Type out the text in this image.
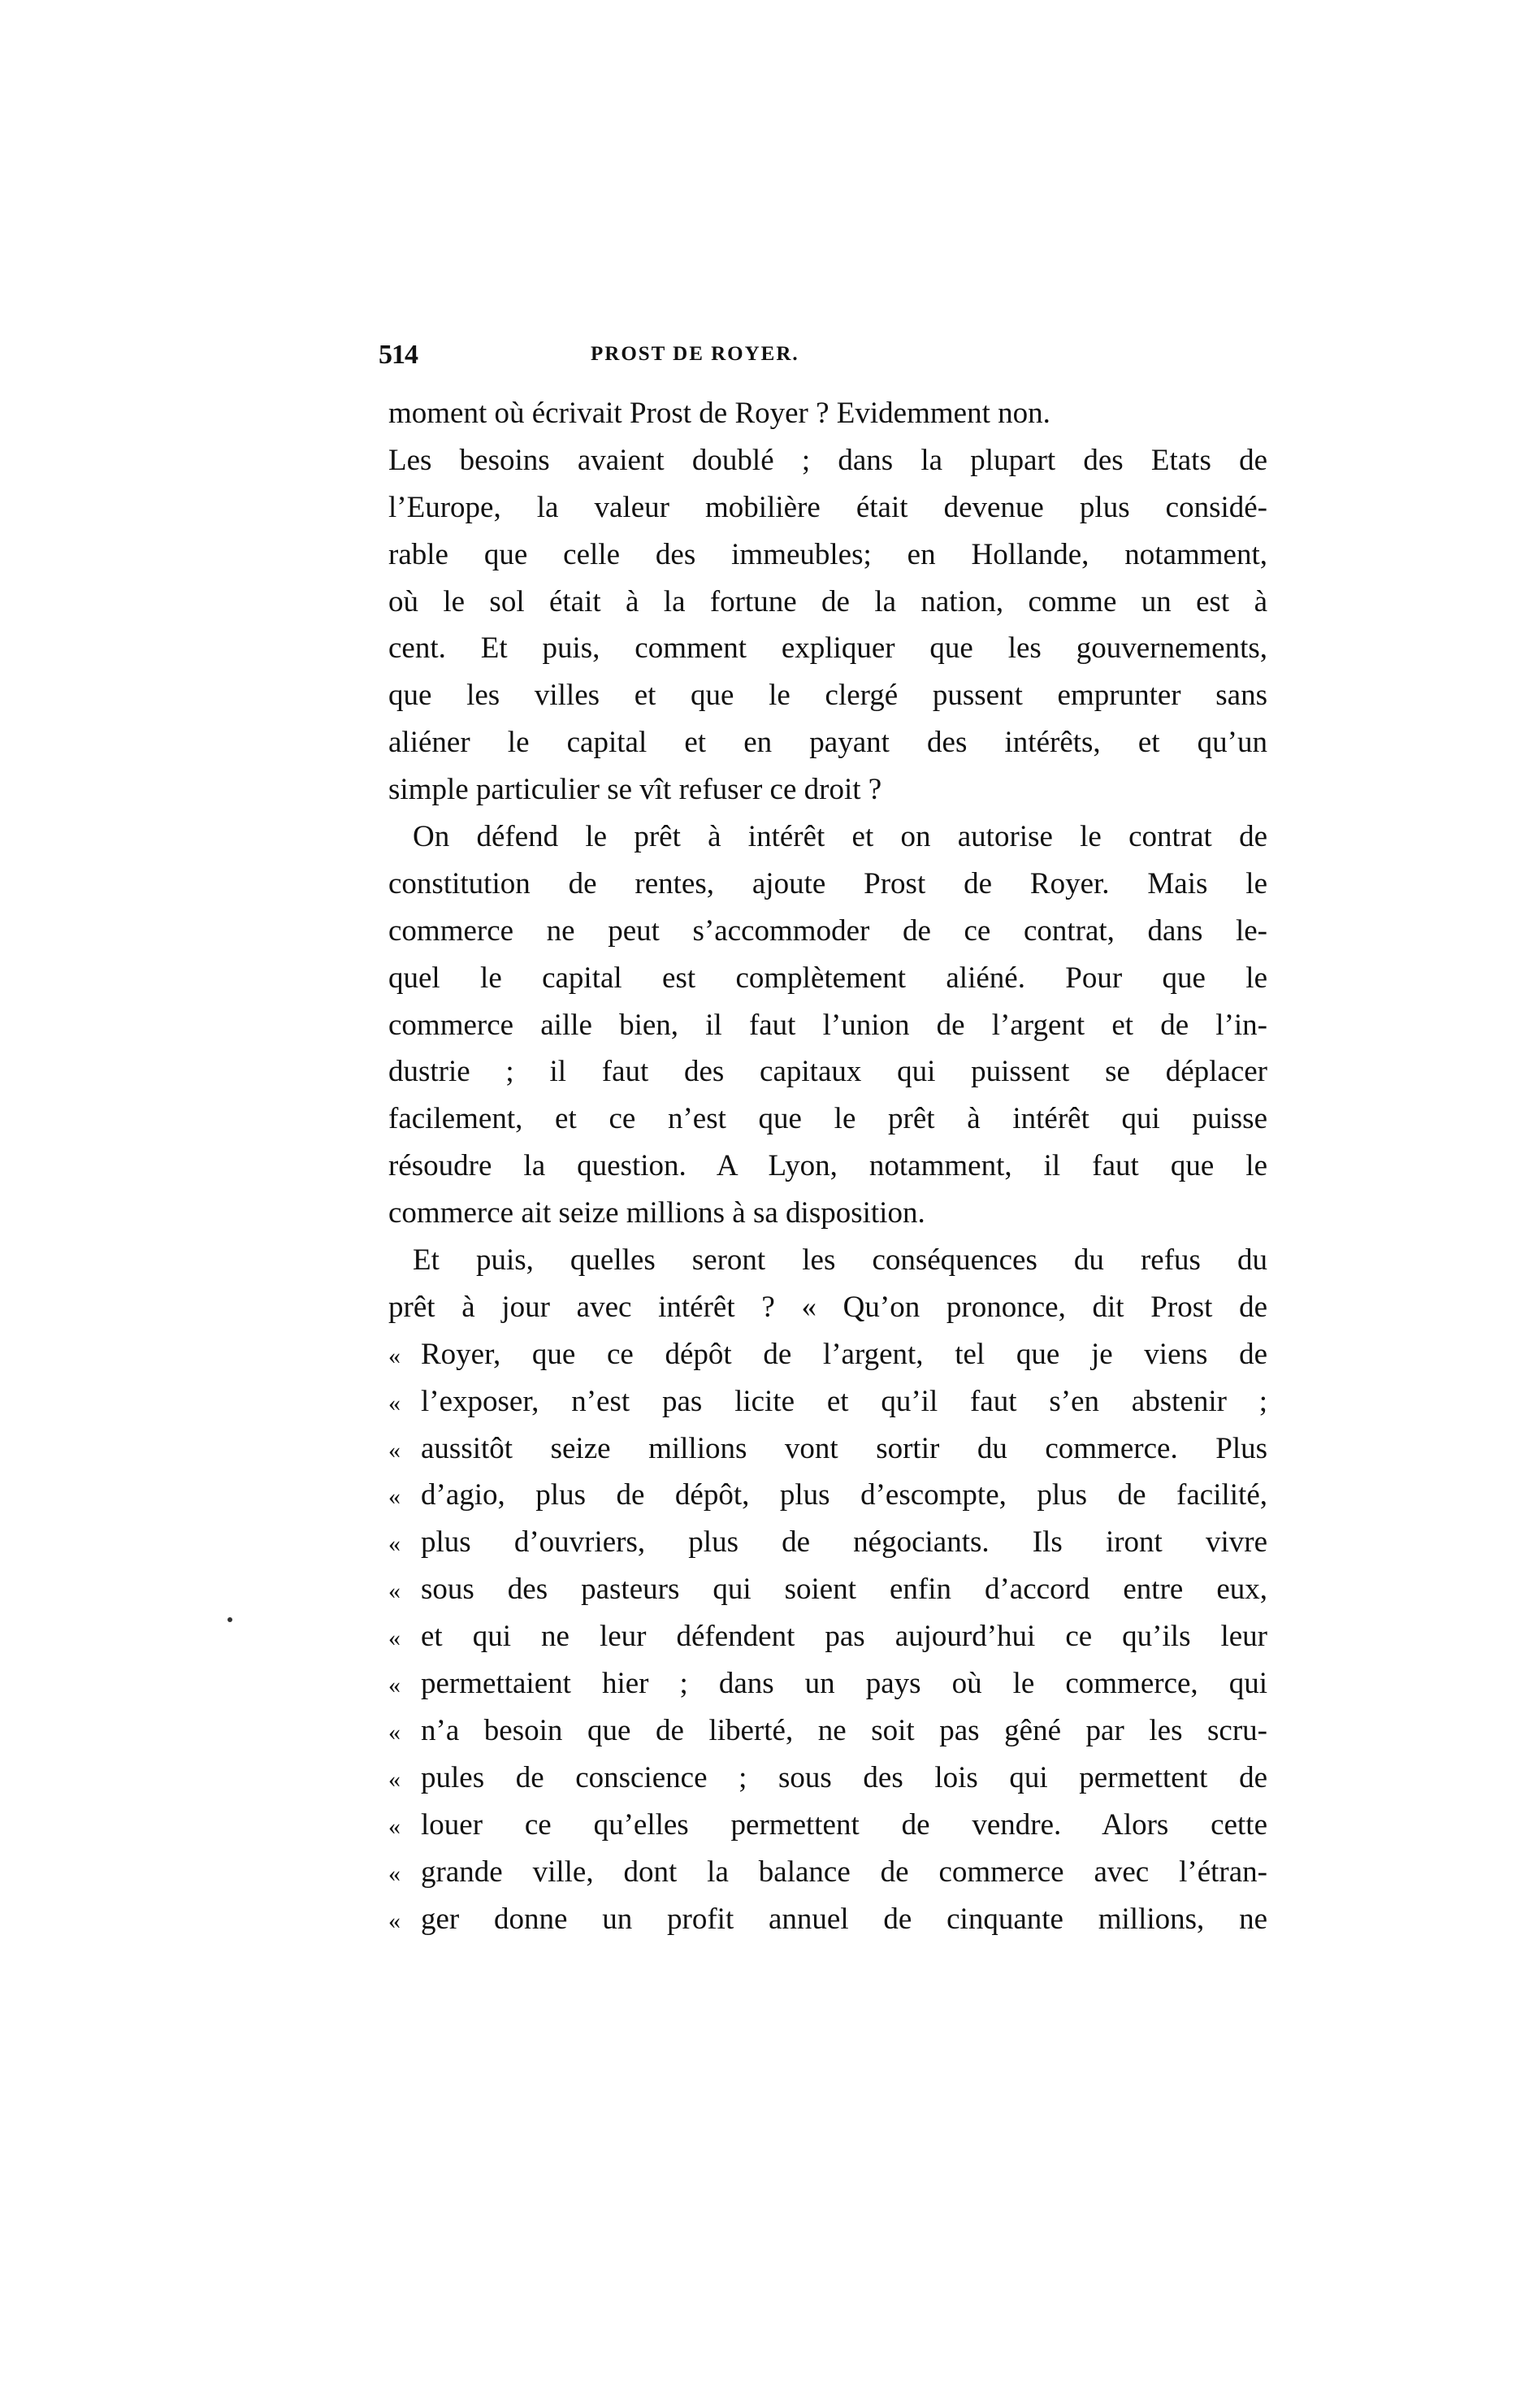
514	PROST DE ROYER.
moment où écrivait Prost de Royer ? Evidemment non.
Les besoins avaient doublé ; dans la plupart des Etats de
l’Europe, la valeur mobilière était devenue plus considé-
rable que celle des immeubles; en Hollande, notamment,
où le sol était à la fortune de la nation, comme un est à
cent. Et puis, comment expliquer que les gouvernements,
que les villes et que le clergé pussent emprunter sans
aliéner le capital et en payant des intérêts, et qu’un
simple particulier se vît refuser ce droit ?
On défend le prêt à intérêt et on autorise le contrat de
constitution de rentes, ajoute Prost de Royer. Mais le
commerce ne peut s’accommoder de ce contrat, dans le-
quel le capital est complètement aliéné. Pour que le
commerce aille bien, il faut l’union de l’argent et de l’in-
dustrie ; il faut des capitaux qui puissent se déplacer
facilement, et ce n’est que le prêt à intérêt qui puisse
résoudre la question. A Lyon, notamment, il faut que le
commerce ait seize millions à sa disposition.
Et puis, quelles seront les conséquences du refus du
prêt à jour avec intérêt ? « Qu’on prononce, dit Prost de
« Royer, que ce dépôt de l’argent, tel que je viens de
« l’exposer, n’est pas licite et qu’il faut s’en abstenir ;
« aussitôt seize millions vont sortir du commerce. Plus
« d’agio, plus de dépôt, plus d’escompte, plus de facilité,
« plus d’ouvriers, plus de négociants. Ils iront vivre
« sous des pasteurs qui soient enfin d’accord entre eux,
« et qui ne leur défendent pas aujourd’hui ce qu’ils leur
« permettaient hier ; dans un pays où le commerce, qui
« n’a besoin que de liberté, ne soit pas gêné par les scru-
« pules de conscience ; sous des lois qui permettent de
« louer ce qu’elles permettent de vendre. Alors cette
« grande ville, dont la balance de commerce avec l’étran-
« ger donne un profit annuel de cinquante millions, ne
